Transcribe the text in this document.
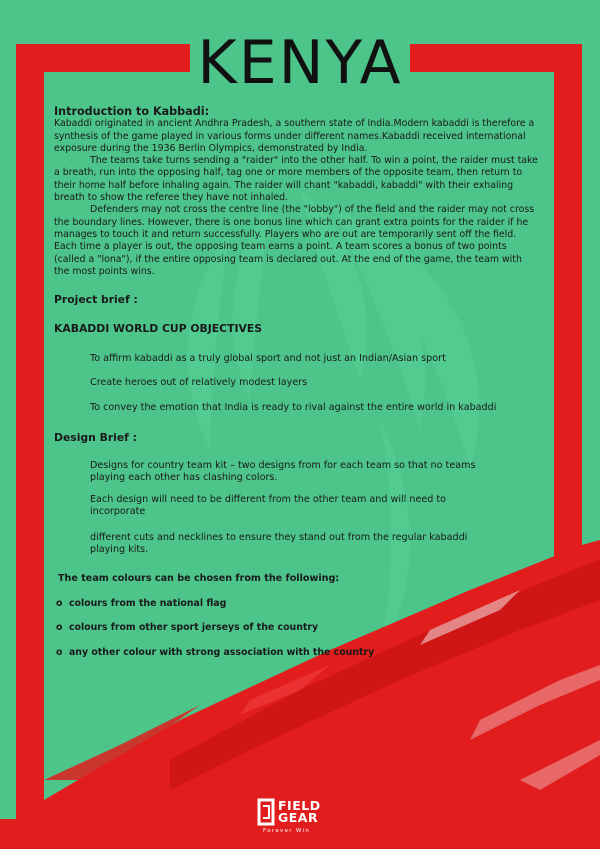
KENYA

Introduction to Kabbadi:

Kabaddi originated in ancient Andhra Pradesh, a southern state of India.Modern kabaddi is therefore a synthesis of the game played in various forms under different names.Kabaddi received international exposure during the 1936 Berlin Olympics, demonstrated by India.

The teams take turns sending a "raider" into the other half. To win a point, the raider must take a breath, run into the opposing half, tag one or more members of the opposite team, then return to their home half before inhaling again. The raider will chant "kabaddi, kabaddi" with their exhaling breath to show the referee they have not inhaled.

Defenders may not cross the centre line (the "lobby") of the field and the raider may not cross the boundary lines. However, there is one bonus line which can grant extra points for the raider if he manages to touch it and return successfully. Players who are out are temporarily sent off the field. Each time a player is out, the opposing team earns a point. A team scores a bonus of two points (called a "lona"), if the entire opposing team is declared out. At the end of the game, the team with the most points wins.

Project brief :
KABADDI WORLD CUP OBJECTIVES
To affirm kabaddi as a truly global sport and not just an Indian/Asian sport
Create heroes out of relatively modest layers
To convey the emotion that India is ready to rival against the entire world in kabaddi
Design Brief :
Designs for country team kit – two designs from for each team so that no teams playing each other has clashing colors.
Each design will need to be different from the other team and will need to incorporate
different cuts and necklines to ensure they stand out from the regular kabaddi playing kits.
The team colours can be chosen from the following:
o colours from the national flag
o colours from other sport jerseys of the country
o any other colour with strong association with the country
FIELD
GEAR
Forever Win
